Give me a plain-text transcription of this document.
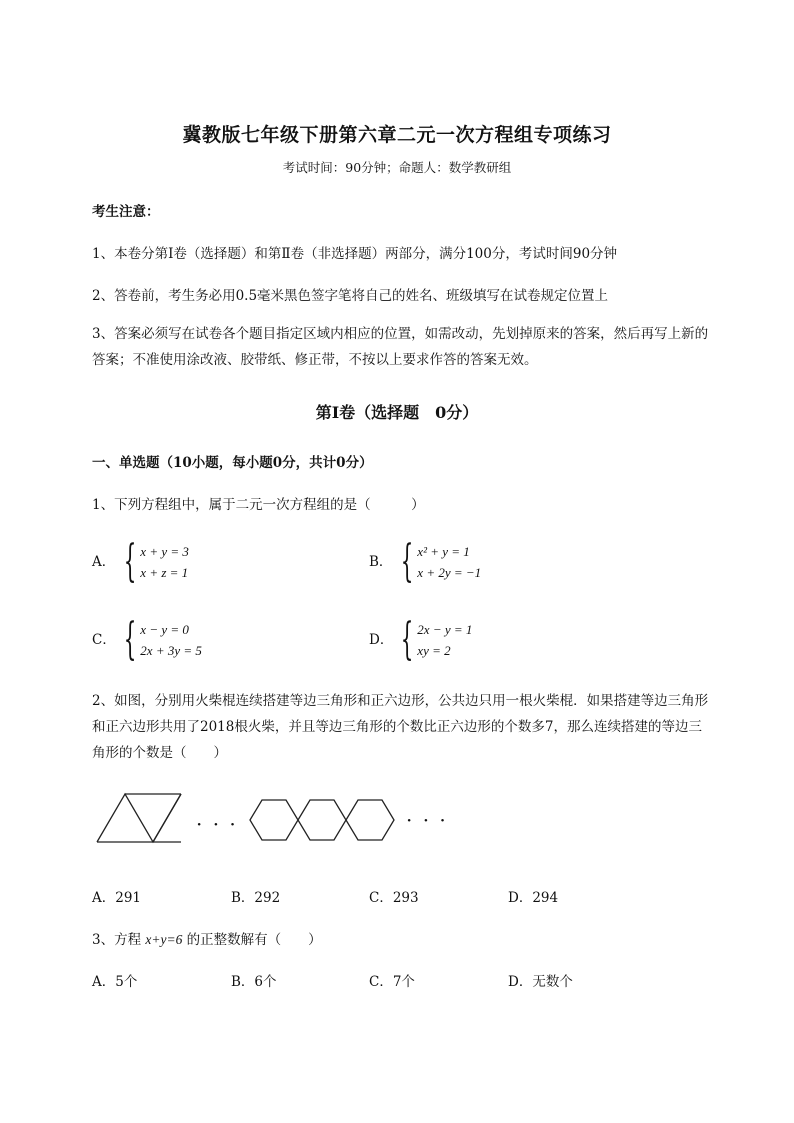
冀教版七年级下册第六章二元一次方程组专项练习
考试时间：90分钟；命题人：数学教研组
考生注意：
1、本卷分第I卷（选择题）和第Ⅱ卷（非选择题）两部分，满分100分，考试时间90分钟
2、答卷前，考生务必用0.5毫米黑色签字笔将自己的姓名、班级填写在试卷规定位置上
3、答案必须写在试卷各个题目指定区域内相应的位置，如需改动，先划掉原来的答案，然后再写上新的答案；不准使用涂改液、胶带纸、修正带，不按以上要求作答的答案无效。
第I卷（选择题　0分）
一、单选题（10小题，每小题0分，共计0分）
1、下列方程组中，属于二元一次方程组的是（　　　）
A． { x + y = 3
x + z = 1
B． { x² + y = 1
x + 2y = −1
C． { x − y = 0
2x + 3y = 5
D． { 2x − y = 1
xy = 2
2、如图，分别用火柴棍连续搭建等边三角形和正六边形，公共边只用一根火柴棍．如果搭建等边三角形和正六边形共用了2018根火柴，并且等边三角形的个数比正六边形的个数多7，那么连续搭建的等边三角形的个数是（　　）
· · ·	· · ·
A．291	B．292	C．293	D．294
3、方程 x+y=6 的正整数解有（　　）
A．5个	B．6个	C．7个	D．无数个
